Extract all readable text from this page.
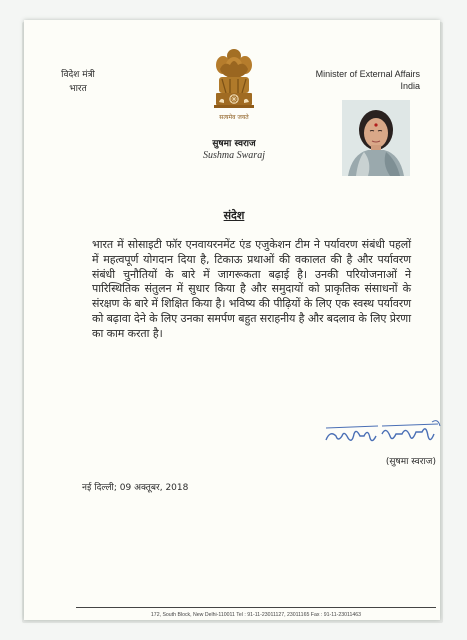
विदेश मंत्री
भारत
Minister of External Affairs
India
सत्यमेव जयते
सुषमा स्वराज
Sushma Swaraj
संदेश
भारत में सोसाइटी फॉर एनवायरनमेंट एंड एजुकेशन टीम ने पर्यावरण संबंधी पहलों में महत्वपूर्ण योगदान दिया है, टिकाऊ प्रथाओं की वकालत की है और पर्यावरण संबंधी चुनौतियों के बारे में जागरूकता बढ़ाई है। उनकी परियोजनाओं ने पारिस्थितिक संतुलन में सुधार किया है और समुदायों को प्राकृतिक संसाधनों के संरक्षण के बारे में शिक्षित किया है। भविष्य की पीढ़ियों के लिए एक स्वस्थ पर्यावरण को बढ़ावा देने के लिए उनका समर्पण बहुत सराहनीय है और बदलाव के लिए प्रेरणा का काम करता है।
(सुषमा स्वराज)
नई दिल्ली; 09 अक्तूबर, 2018
172, South Block, New Delhi-110011 Tel : 91-11-23011127, 23011165 Fax : 91-11-23011463
